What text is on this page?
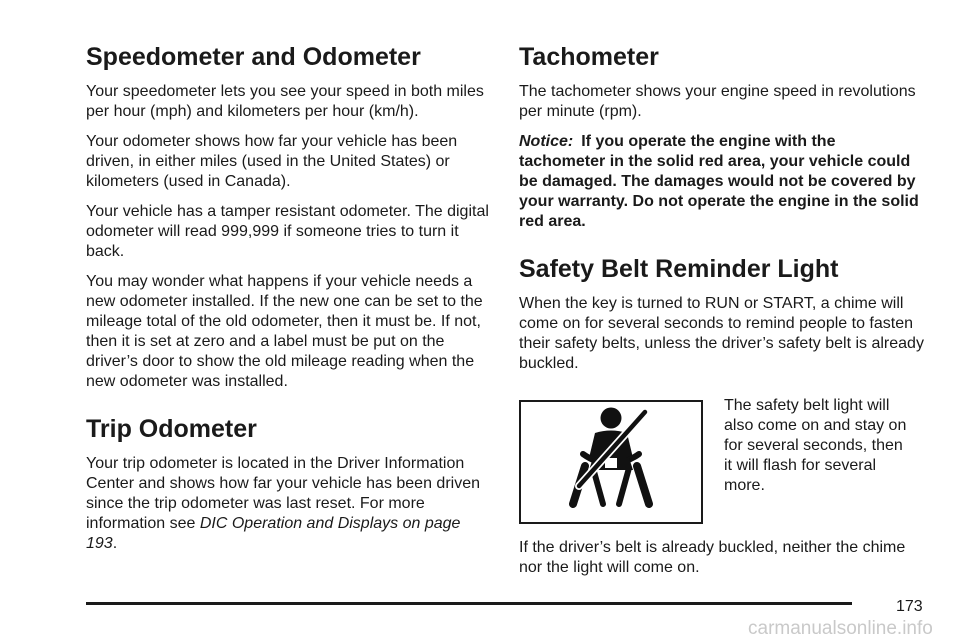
Speedometer and Odometer

Your speedometer lets you see your speed in both miles per hour (mph) and kilometers per hour (km/h).

Your odometer shows how far your vehicle has been driven, in either miles (used in the United States) or kilometers (used in Canada).

Your vehicle has a tamper resistant odometer. The digital odometer will read 999,999 if someone tries to turn it back.

You may wonder what happens if your vehicle needs a new odometer installed. If the new one can be set to the mileage total of the old odometer, then it must be. If not, then it is set at zero and a label must be put on the driver’s door to show the old mileage reading when the new odometer was installed.

Trip Odometer

Your trip odometer is located in the Driver Information Center and shows how far your vehicle has been driven since the trip odometer was last reset. For more information see DIC Operation and Displays on page 193.

Tachometer

The tachometer shows your engine speed in revolutions per minute (rpm).

Notice: If you operate the engine with the tachometer in the solid red area, your vehicle could be damaged. The damages would not be covered by your warranty. Do not operate the engine in the solid red area.

Safety Belt Reminder Light

When the key is turned to RUN or START, a chime will come on for several seconds to remind people to fasten their safety belts, unless the driver’s safety belt is already buckled.

The safety belt light will also come on and stay on for several seconds, then it will flash for several more.

If the driver’s belt is already buckled, neither the chime nor the light will come on.

173
carmanualsonline.info
